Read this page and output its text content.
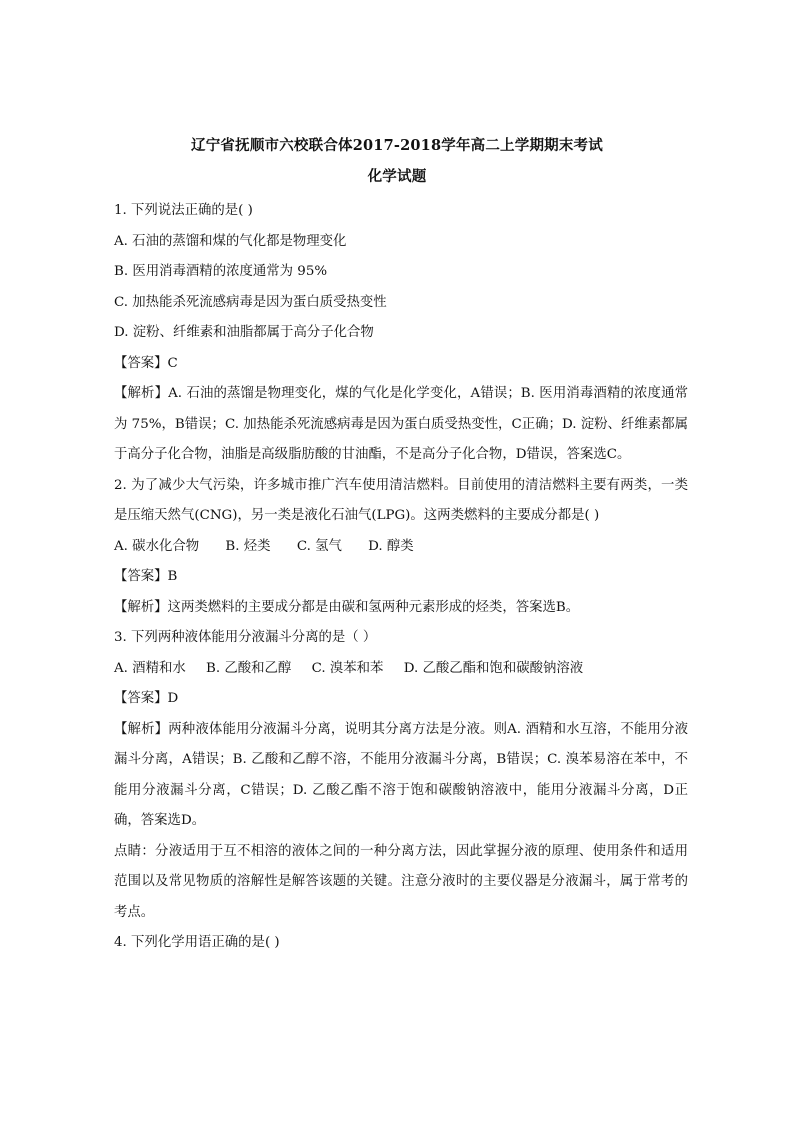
辽宁省抚顺市六校联合体2017-2018学年高二上学期期末考试
化学试题
1. 下列说法正确的是( )
A. 石油的蒸馏和煤的气化都是物理变化
B. 医用消毒酒精的浓度通常为 95%
C. 加热能杀死流感病毒是因为蛋白质受热变性
D. 淀粉、纤维素和油脂都属于高分子化合物
【答案】C
【解析】A. 石油的蒸馏是物理变化，煤的气化是化学变化，A错误；B. 医用消毒酒精的浓度通常为 75%，B错误；C. 加热能杀死流感病毒是因为蛋白质受热变性，C正确；D. 淀粉、纤维素都属于高分子化合物，油脂是高级脂肪酸的甘油酯，不是高分子化合物，D错误，答案选C。
2. 为了减少大气污染，许多城市推广汽车使用清洁燃料。目前使用的清洁燃料主要有两类，一类是压缩天然气(CNG)，另一类是液化石油气(LPG)。这两类燃料的主要成分都是( )
A. 碳水化合物 B. 烃类 C. 氢气 D. 醇类
【答案】B
【解析】这两类燃料的主要成分都是由碳和氢两种元素形成的烃类，答案选B。
3. 下列两种液体能用分液漏斗分离的是（ ）
A. 酒精和水 B. 乙酸和乙醇 C. 溴苯和苯 D. 乙酸乙酯和饱和碳酸钠溶液
【答案】D
【解析】两种液体能用分液漏斗分离，说明其分离方法是分液。则A. 酒精和水互溶，不能用分液漏斗分离，A错误；B. 乙酸和乙醇不溶，不能用分液漏斗分离，B错误；C. 溴苯易溶在苯中，不能用分液漏斗分离，C错误；D. 乙酸乙酯不溶于饱和碳酸钠溶液中，能用分液漏斗分离，D正确，答案选D。
点睛：分液适用于互不相溶的液体之间的一种分离方法，因此掌握分液的原理、使用条件和适用范围以及常见物质的溶解性是解答该题的关键。注意分液时的主要仪器是分液漏斗，属于常考的考点。
4. 下列化学用语正确的是( )
